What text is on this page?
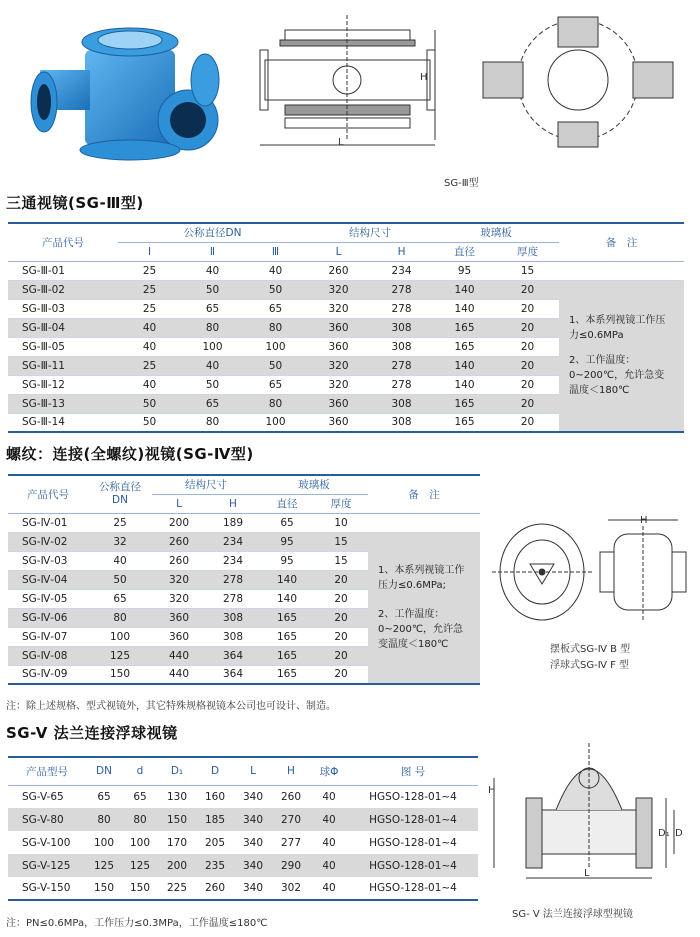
H
L
SG-Ⅲ型
三通视镜(SG-Ⅲ型)
产品代号	公称直径DN			结构尺寸		玻璃板		备　注
	Ⅰ	Ⅱ	Ⅲ	L	H	直径	厚度	
SG-Ⅲ-01	25	40	40	260	234	95	15	
SG-Ⅲ-02	25	50	50	320	278	140	20	1、本系列视镜工作压力≤0.6MPa
2、工作温度：0~200℃，允许急变温度＜180℃

SG-Ⅲ-03	25	65	65	320	278	140	20	
SG-Ⅲ-04	40	80	80	360	308	165	20	
SG-Ⅲ-05	40	100	100	360	308	165	20	
SG-Ⅲ-11	25	40	50	320	278	140	20	
SG-Ⅲ-12	40	50	65	320	278	140	20	
SG-Ⅲ-13	50	65	80	360	308	165	20	
SG-Ⅲ-14	50	80	100	360	308	165	20	
螺纹：连接(全螺纹)视镜(SG-Ⅳ型)
产品代号	公称直径DN	结构尺寸		玻璃板		备　注
		L	H	直径	厚度	
SG-Ⅳ-01	25	200	189	65	10	
SG-Ⅳ-02	32	260	234	95	15	1、本系列视镜工作压力≤0.6MPa;
2、工作温度：0~200℃，允许急变温度＜180℃

SG-Ⅳ-03	40	260	234	95	15	
SG-Ⅳ-04	50	320	278	140	20	
SG-Ⅳ-05	65	320	278	140	20	
SG-Ⅳ-06	80	360	308	165	20	
SG-Ⅳ-07	100	360	308	165	20	
SG-Ⅳ-08	125	440	364	165	20	
SG-Ⅳ-09	150	440	364	165	20	
H
摆板式SG-Ⅳ B 型
浮球式SG-Ⅳ F 型
注：除上述规格、型式视镜外，其它特殊规格视镜本公司也可设计、制造。
SG-V 法兰连接浮球视镜
产品型号	DN	d	D₁	D	L	H	球Φ	图 号
SG-V-65	65	65	130	160	340	260	40	HGSO-128-01~4
SG-V-80	80	80	150	185	340	270	40	HGSO-128-01~4
SG-V-100	100	100	170	205	340	277	40	HGSO-128-01~4
SG-V-125	125	125	200	235	340	290	40	HGSO-128-01~4
SG-V-150	150	150	225	260	340	302	40	HGSO-128-01~4
H
L
D₁ D
SG- V 法兰连接浮球型视镜
注：PN≤0.6MPa，工作压力≤0.3MPa，工作温度≤180℃
